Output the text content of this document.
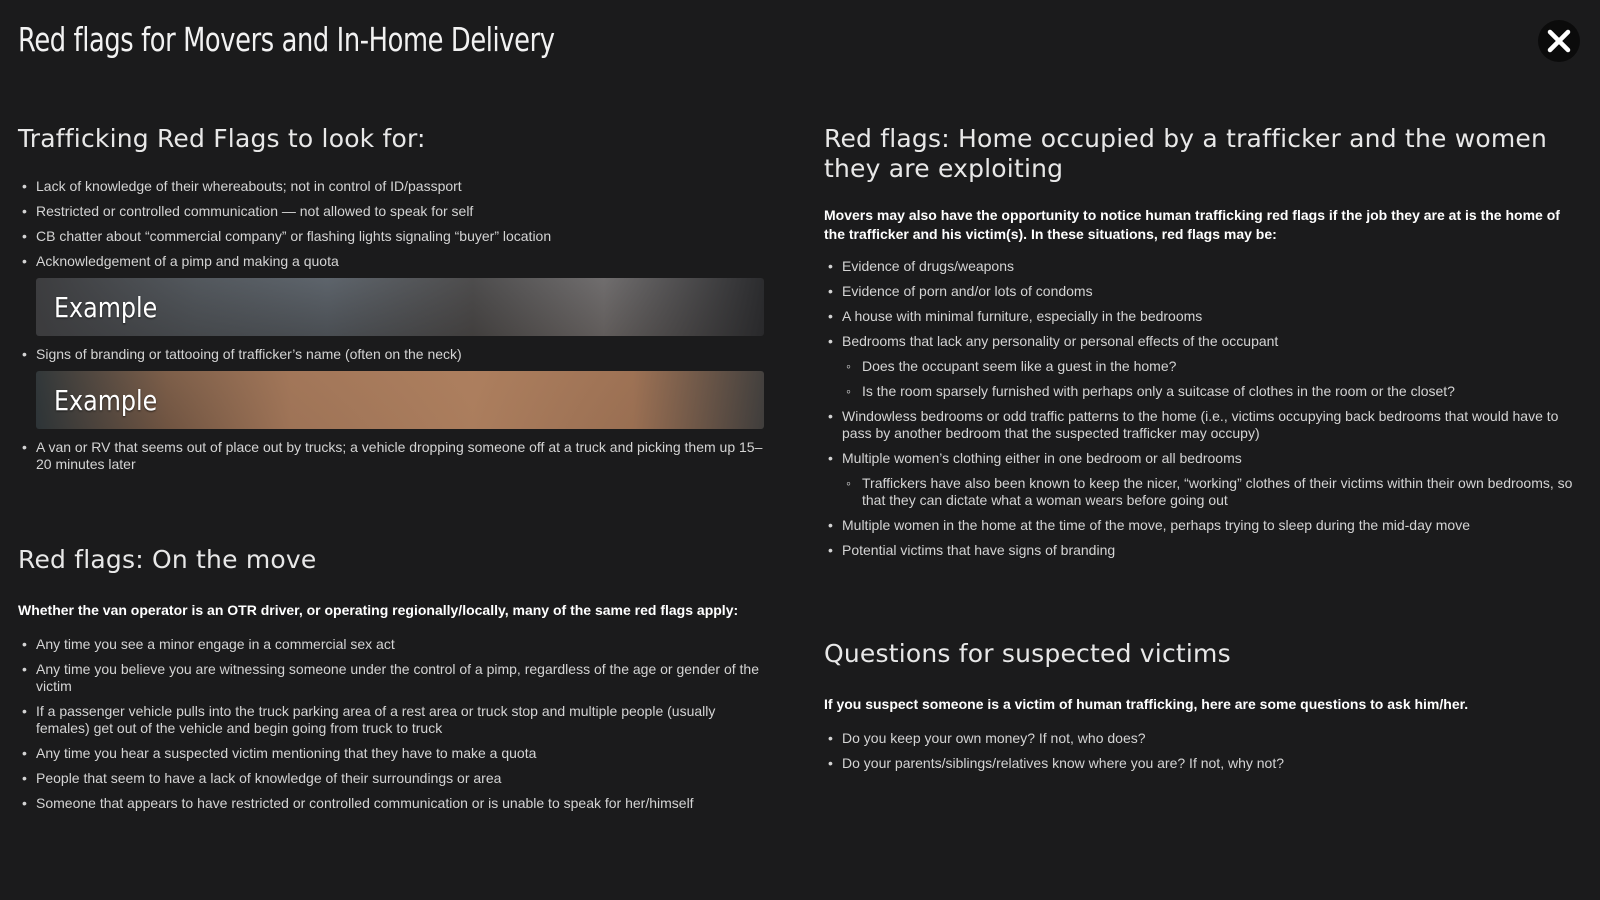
Red flags for Movers and In-Home Delivery
Trafficking Red Flags to look for:
• Lack of knowledge of their whereabouts; not in control of ID/passport
• Restricted or controlled communication — not allowed to speak for self
• CB chatter about “commercial company” or flashing lights signaling “buyer” location
• Acknowledgement of a pimp and making a quota
Example
• Signs of branding or tattooing of trafficker’s name (often on the neck)
Example
• A van or RV that seems out of place out by trucks; a vehicle dropping someone off at a truck and picking them up 15–20 minutes later
Red flags: On the move

Whether the van operator is an OTR driver, or operating regionally/locally, many of the same red flags apply:

• Any time you see a minor engage in a commercial sex act
• Any time you believe you are witnessing someone under the control of a pimp, regardless of the age or gender of the victim
• If a passenger vehicle pulls into the truck parking area of a rest area or truck stop and multiple people (usually females) get out of the vehicle and begin going from truck to truck
• Any time you hear a suspected victim mentioning that they have to make a quota
• People that seem to have a lack of knowledge of their surroundings or area
• Someone that appears to have restricted or controlled communication or is unable to speak for her/himself
Red flags: Home occupied by a trafficker and the women they are exploiting

Movers may also have the opportunity to notice human trafficking red flags if the job they are at is the home of the trafficker and his victim(s). In these situations, red flags may be:

• Evidence of drugs/weapons
• Evidence of porn and/or lots of condoms
• A house with minimal furniture, especially in the bedrooms
• Bedrooms that lack any personality or personal effects of the occupant
◦ Does the occupant seem like a guest in the home?
◦ Is the room sparsely furnished with perhaps only a suitcase of clothes in the room or the closet?
• Windowless bedrooms or odd traffic patterns to the home (i.e., victims occupying back bedrooms that would have to pass by another bedroom that the suspected trafficker may occupy)
• Multiple women’s clothing either in one bedroom or all bedrooms
◦ Traffickers have also been known to keep the nicer, “working” clothes of their victims within their own bedrooms, so that they can dictate what a woman wears before going out
• Multiple women in the home at the time of the move, perhaps trying to sleep during the mid-day move
• Potential victims that have signs of branding
Questions for suspected victims

If you suspect someone is a victim of human trafficking, here are some questions to ask him/her.

• Do you keep your own money? If not, who does?
• Do your parents/siblings/relatives know where you are? If not, why not?
